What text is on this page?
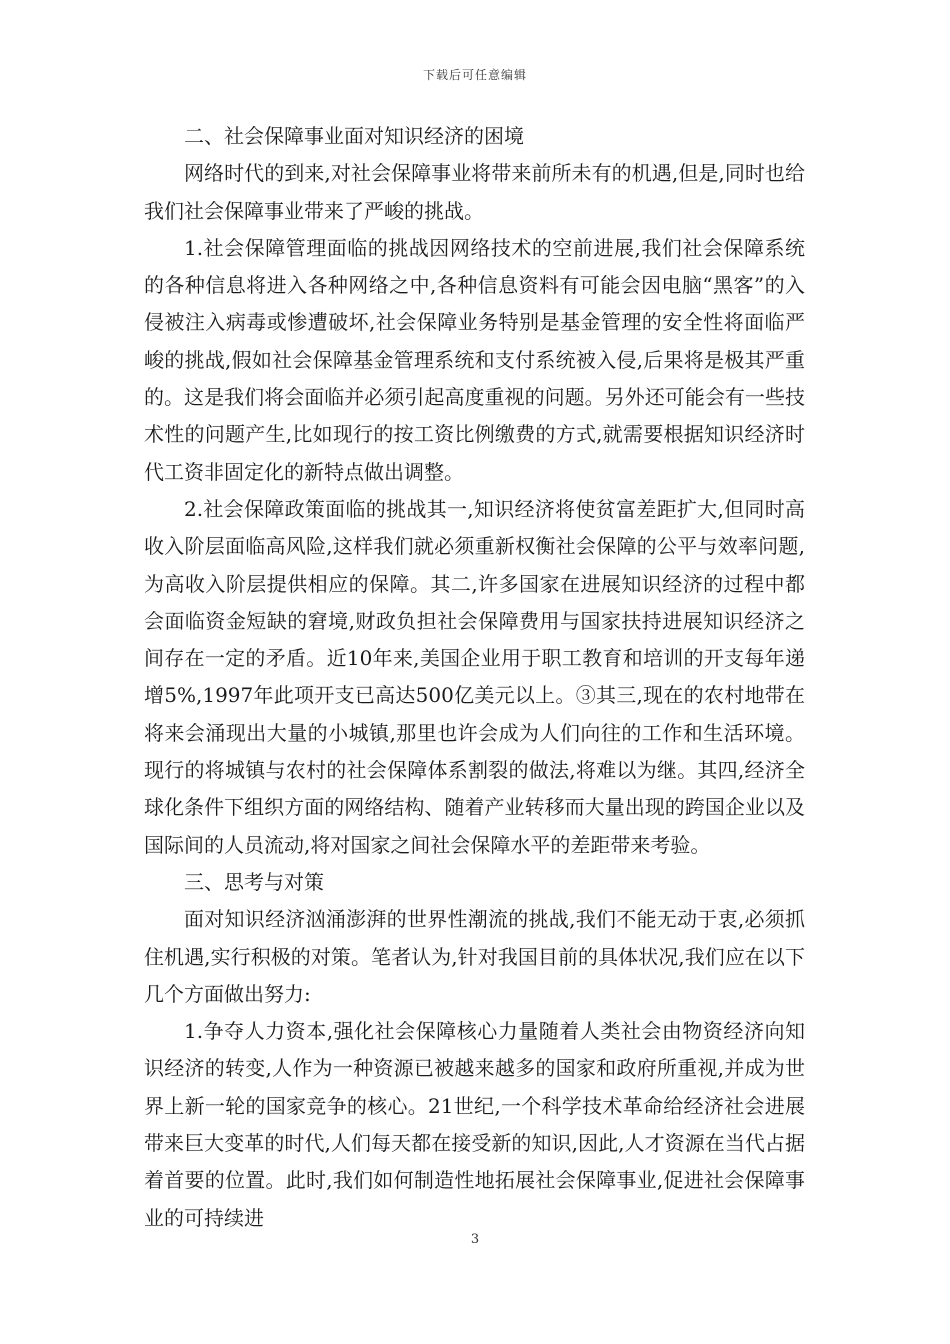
下载后可任意编辑

二、社会保障事业面对知识经济的困境

网络时代的到来,对社会保障事业将带来前所未有的机遇,但是,同时也给我们社会保障事业带来了严峻的挑战。

1.社会保障管理面临的挑战因网络技术的空前进展,我们社会保障系统的各种信息将进入各种网络之中,各种信息资料有可能会因电脑“黑客”的入侵被注入病毒或惨遭破坏,社会保障业务特别是基金管理的安全性将面临严峻的挑战,假如社会保障基金管理系统和支付系统被入侵,后果将是极其严重的。这是我们将会面临并必须引起高度重视的问题。另外还可能会有一些技术性的问题产生,比如现行的按工资比例缴费的方式,就需要根据知识经济时代工资非固定化的新特点做出调整。

2.社会保障政策面临的挑战其一,知识经济将使贫富差距扩大,但同时高收入阶层面临高风险,这样我们就必须重新权衡社会保障的公平与效率问题,为高收入阶层提供相应的保障。其二,许多国家在进展知识经济的过程中都会面临资金短缺的窘境,财政负担社会保障费用与国家扶持进展知识经济之间存在一定的矛盾。近10年来,美国企业用于职工教育和培训的开支每年递增5%,1997年此项开支已高达500亿美元以上。③其三,现在的农村地带在将来会涌现出大量的小城镇,那里也许会成为人们向往的工作和生活环境。现行的将城镇与农村的社会保障体系割裂的做法,将难以为继。其四,经济全球化条件下组织方面的网络结构、随着产业转移而大量出现的跨国企业以及国际间的人员流动,将对国家之间社会保障水平的差距带来考验。

三、思考与对策

面对知识经济汹涌澎湃的世界性潮流的挑战,我们不能无动于衷,必须抓住机遇,实行积极的对策。笔者认为,针对我国目前的具体状况,我们应在以下几个方面做出努力:

1.争夺人力资本,强化社会保障核心力量随着人类社会由物资经济向知识经济的转变,人作为一种资源已被越来越多的国家和政府所重视,并成为世界上新一轮的国家竞争的核心。21世纪,一个科学技术革命给经济社会进展带来巨大变革的时代,人们每天都在接受新的知识,因此,人才资源在当代占据着首要的位置。此时,我们如何制造性地拓展社会保障事业,促进社会保障事业的可持续进

3
